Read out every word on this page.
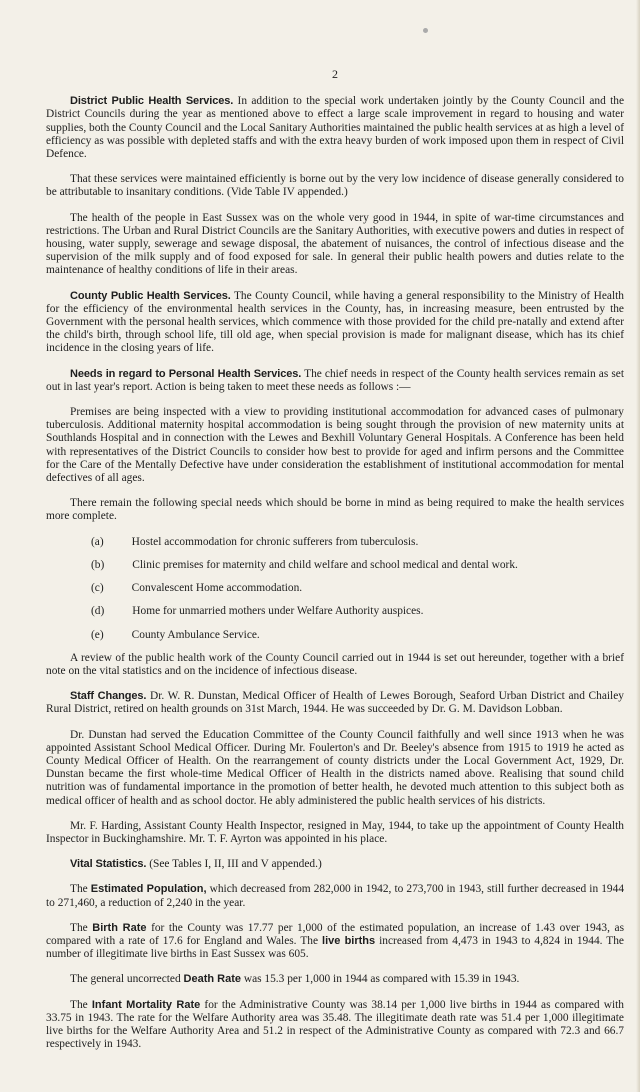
2

District Public Health Services. In addition to the special work undertaken jointly by the County Council and the District Councils during the year as mentioned above to effect a large scale improvement in regard to housing and water supplies, both the County Council and the Local Sanitary Authorities maintained the public health services at as high a level of efficiency as was possible with depleted staffs and with the extra heavy burden of work imposed upon them in respect of Civil Defence.

That these services were maintained efficiently is borne out by the very low incidence of disease generally considered to be attributable to insanitary conditions. (Vide Table IV appended.)

The health of the people in East Sussex was on the whole very good in 1944, in spite of war-time circumstances and restrictions. The Urban and Rural District Councils are the Sanitary Authorities, with executive powers and duties in respect of housing, water supply, sewerage and sewage disposal, the abatement of nuisances, the control of infectious disease and the supervision of the milk supply and of food exposed for sale. In general their public health powers and duties relate to the maintenance of healthy conditions of life in their areas.

County Public Health Services. The County Council, while having a general responsibility to the Ministry of Health for the efficiency of the environmental health services in the County, has, in increasing measure, been entrusted by the Government with the personal health services, which commence with those provided for the child pre-natally and extend after the child's birth, through school life, till old age, when special provision is made for malignant disease, which has its chief incidence in the closing years of life.

Needs in regard to Personal Health Services. The chief needs in respect of the County health services remain as set out in last year's report. Action is being taken to meet these needs as follows :—

Premises are being inspected with a view to providing institutional accommodation for advanced cases of pulmonary tuberculosis. Additional maternity hospital accommodation is being sought through the provision of new maternity units at Southlands Hospital and in connection with the Lewes and Bexhill Voluntary General Hospitals. A Conference has been held with representatives of the District Councils to consider how best to provide for aged and infirm persons and the Committee for the Care of the Mentally Defective have under consideration the establishment of institutional accommodation for mental defectives of all ages.

There remain the following special needs which should be borne in mind as being required to make the health services more complete.

(a) Hostel accommodation for chronic sufferers from tuberculosis.
(b) Clinic premises for maternity and child welfare and school medical and dental work.
(c) Convalescent Home accommodation.
(d) Home for unmarried mothers under Welfare Authority auspices.
(e) County Ambulance Service.

A review of the public health work of the County Council carried out in 1944 is set out hereunder, together with a brief note on the vital statistics and on the incidence of infectious disease.

Staff Changes. Dr. W. R. Dunstan, Medical Officer of Health of Lewes Borough, Seaford Urban District and Chailey Rural District, retired on health grounds on 31st March, 1944. He was succeeded by Dr. G. M. Davidson Lobban.

Dr. Dunstan had served the Education Committee of the County Council faithfully and well since 1913 when he was appointed Assistant School Medical Officer. During Mr. Foulerton's and Dr. Beeley's absence from 1915 to 1919 he acted as County Medical Officer of Health. On the rearrangement of county districts under the Local Government Act, 1929, Dr. Dunstan became the first whole-time Medical Officer of Health in the districts named above. Realising that sound child nutrition was of fundamental importance in the promotion of better health, he devoted much attention to this subject both as medical officer of health and as school doctor. He ably administered the public health services of his districts.

Mr. F. Harding, Assistant County Health Inspector, resigned in May, 1944, to take up the appointment of County Health Inspector in Buckinghamshire. Mr. T. F. Ayrton was appointed in his place.

Vital Statistics. (See Tables I, II, III and V appended.)

The Estimated Population, which decreased from 282,000 in 1942, to 273,700 in 1943, still further decreased in 1944 to 271,460, a reduction of 2,240 in the year.

The Birth Rate for the County was 17.77 per 1,000 of the estimated population, an increase of 1.43 over 1943, as compared with a rate of 17.6 for England and Wales. The live births increased from 4,473 in 1943 to 4,824 in 1944. The number of illegitimate live births in East Sussex was 605.

The general uncorrected Death Rate was 15.3 per 1,000 in 1944 as compared with 15.39 in 1943.

The Infant Mortality Rate for the Administrative County was 38.14 per 1,000 live births in 1944 as compared with 33.75 in 1943. The rate for the Welfare Authority area was 35.48. The illegitimate death rate was 51.4 per 1,000 illegitimate live births for the Welfare Authority Area and 51.2 in respect of the Administrative County as compared with 72.3 and 66.7 respectively in 1943.
